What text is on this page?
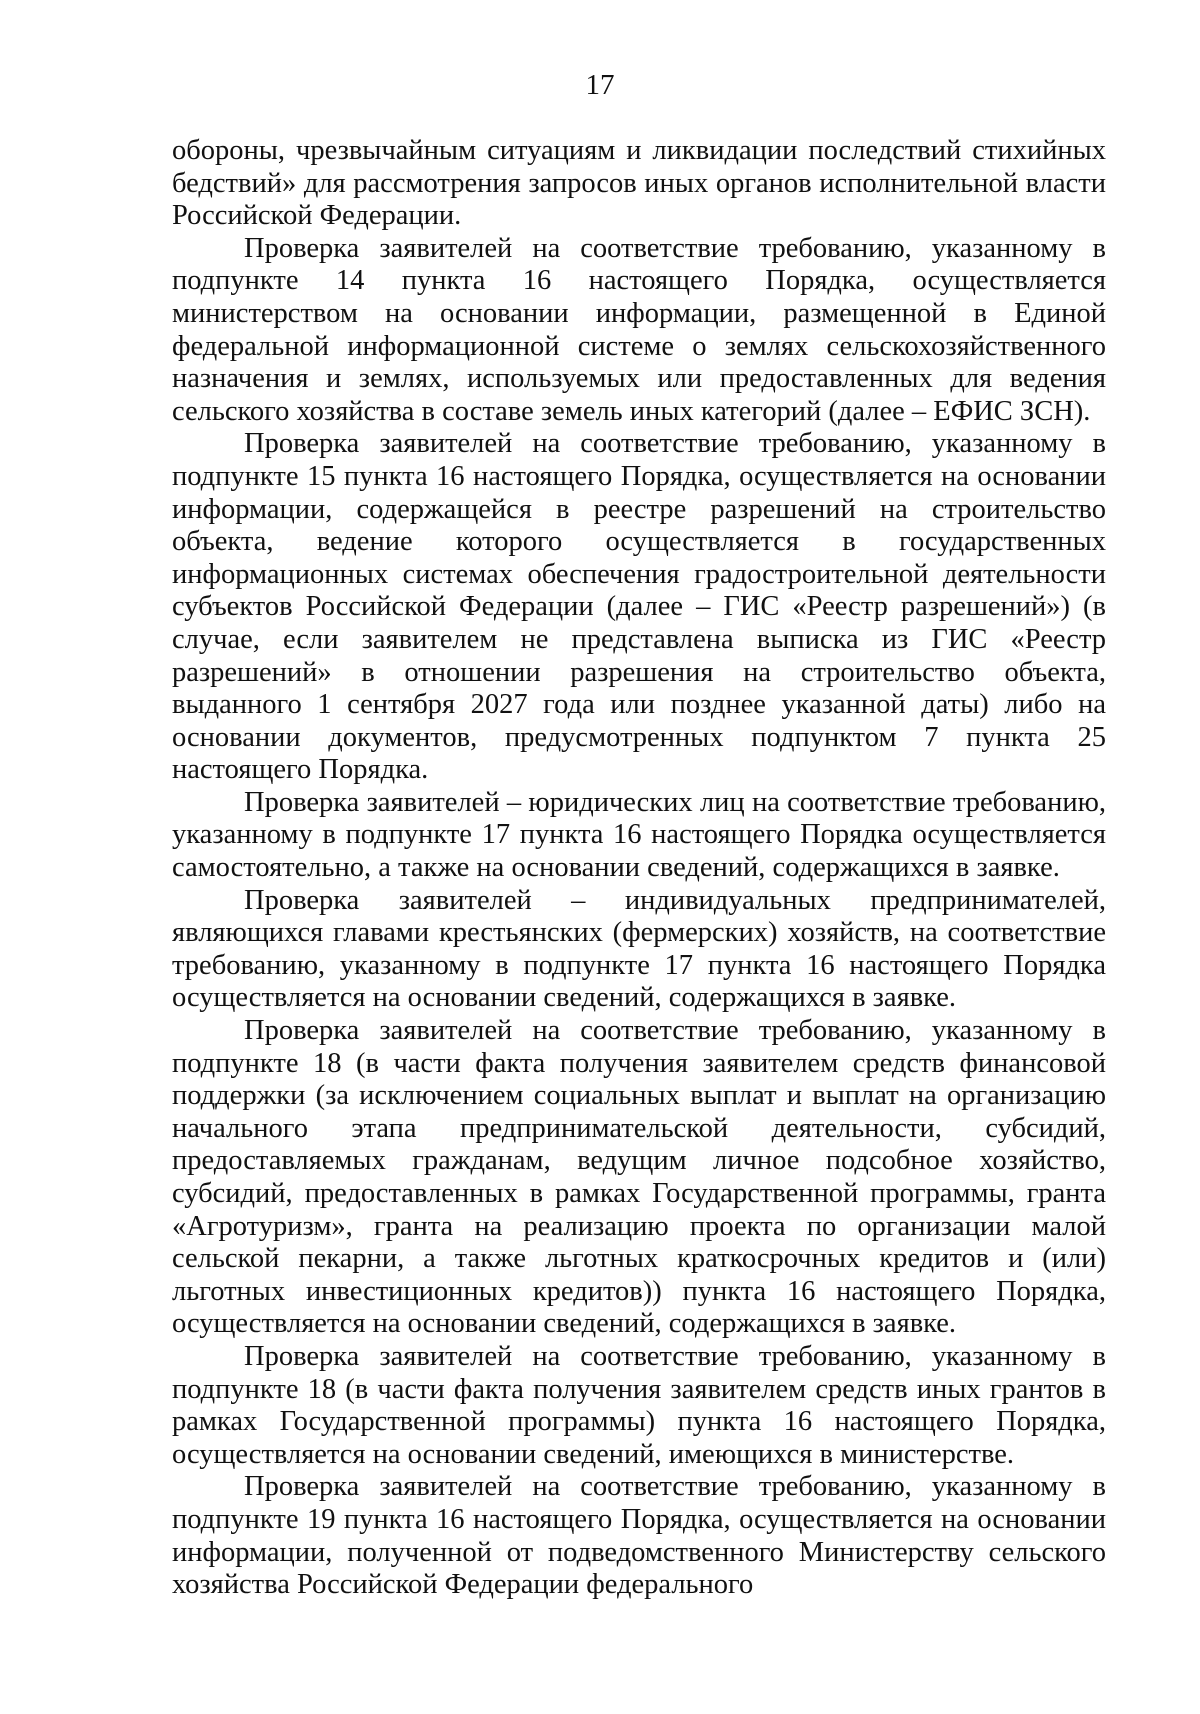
17

обороны, чрезвычайным ситуациям и ликвидации последствий стихийных бедствий» для рассмотрения запросов иных органов исполнительной власти Российской Федерации.

Проверка заявителей на соответствие требованию, указанному в подпункте 14 пункта 16 настоящего Порядка, осуществляется министерством на основании информации, размещенной в Единой федеральной информационной системе о землях сельскохозяйственного назначения и землях, используемых или предоставленных для ведения сельского хозяйства в составе земель иных категорий (далее – ЕФИС ЗСН).

Проверка заявителей на соответствие требованию, указанному в подпункте 15 пункта 16 настоящего Порядка, осуществляется на основании информации, содержащейся в реестре разрешений на строительство объекта, ведение которого осуществляется в государственных информационных системах обеспечения градостроительной деятельности субъектов Российской Федерации (далее – ГИС «Реестр разрешений») (в случае, если заявителем не представлена выписка из ГИС «Реестр разрешений» в отношении разрешения на строительство объекта, выданного 1 сентября 2027 года или позднее указанной даты) либо на основании документов, предусмотренных подпунктом 7 пункта 25 настоящего Порядка.

Проверка заявителей – юридических лиц на соответствие требованию, указанному в подпункте 17 пункта 16 настоящего Порядка осуществляется самостоятельно, а также на основании сведений, содержащихся в заявке.

Проверка заявителей – индивидуальных предпринимателей, являющихся главами крестьянских (фермерских) хозяйств, на соответствие требованию, указанному в подпункте 17 пункта 16 настоящего Порядка осуществляется на основании сведений, содержащихся в заявке.

Проверка заявителей на соответствие требованию, указанному в подпункте 18 (в части факта получения заявителем средств финансовой поддержки (за исключением социальных выплат и выплат на организацию начального этапа предпринимательской деятельности, субсидий, предоставляемых гражданам, ведущим личное подсобное хозяйство, субсидий, предоставленных в рамках Государственной программы, гранта «Агротуризм», гранта на реализацию проекта по организации малой сельской пекарни, а также льготных краткосрочных кредитов и (или) льготных инвестиционных кредитов)) пункта 16 настоящего Порядка, осуществляется на основании сведений, содержащихся в заявке.

Проверка заявителей на соответствие требованию, указанному в подпункте 18 (в части факта получения заявителем средств иных грантов в рамках Государственной программы) пункта 16 настоящего Порядка, осуществляется на основании сведений, имеющихся в министерстве.

Проверка заявителей на соответствие требованию, указанному в подпункте 19 пункта 16 настоящего Порядка, осуществляется на основании информации, полученной от подведомственного Министерству сельского хозяйства Российской Федерации федерального
